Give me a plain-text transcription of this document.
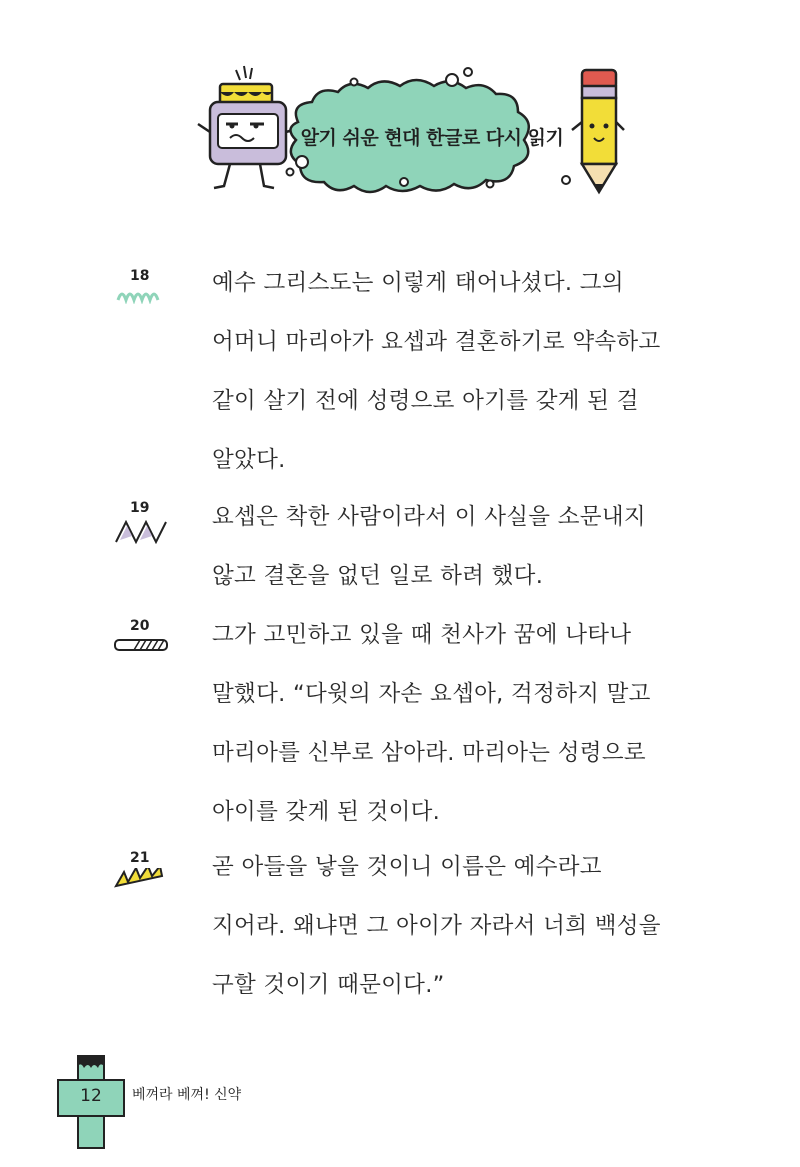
알기 쉬운 현대 한글로 다시 읽기
18	예수 그리스도는 이렇게 태어나셨다. 그의
어머니 마리아가 요셉과 결혼하기로 약속하고
같이 살기 전에 성령으로 아기를 갖게 된 걸
알았다.
19	요셉은 착한 사람이라서 이 사실을 소문내지
않고 결혼을 없던 일로 하려 했다.
20	그가 고민하고 있을 때 천사가 꿈에 나타나
말했다. “다윗의 자손 요셉아, 걱정하지 말고
마리아를 신부로 삼아라. 마리아는 성령으로
아이를 갖게 된 것이다.
21	곧 아들을 낳을 것이니 이름은 예수라고
지어라. 왜냐면 그 아이가 자라서 너희 백성을
구할 것이기 때문이다.”
12	베껴라 베껴! 신약
